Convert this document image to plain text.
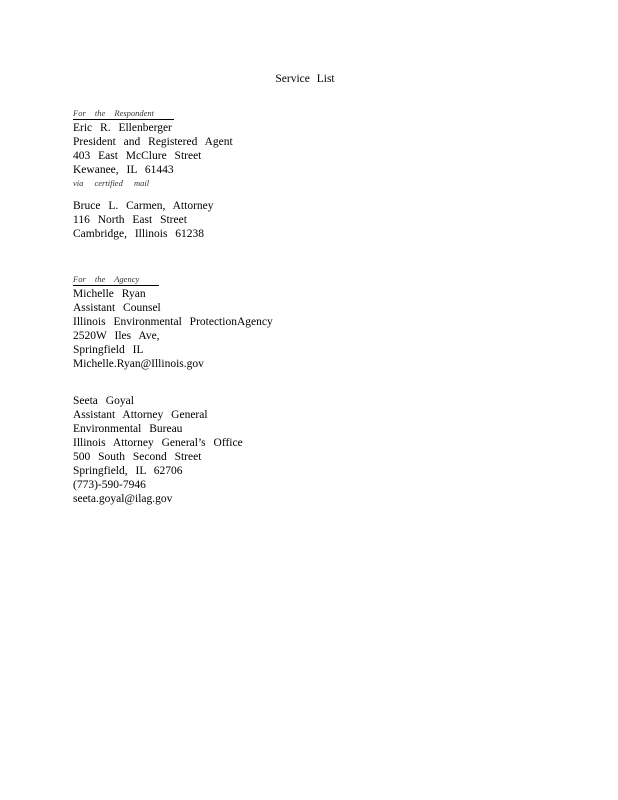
Service List
For the Respondent
Eric R. Ellenberger
President and Registered Agent
403 East McClure Street
Kewanee, IL 61443
via certified mail
Bruce L. Carmen, Attorney
116 North East Street
Cambridge, Illinois 61238
For the Agency
Michelle Ryan
Assistant Counsel
Illinois Environmental ProtectionAgency
2520W Iles Ave,
Springfield IL
Michelle.Ryan@Illinois.gov
Seeta Goyal
Assistant Attorney General
Environmental Bureau
Illinois Attorney General’s Office
500 South Second Street
Springfield, IL 62706
(773)-590-7946
seeta.goyal@ilag.gov
